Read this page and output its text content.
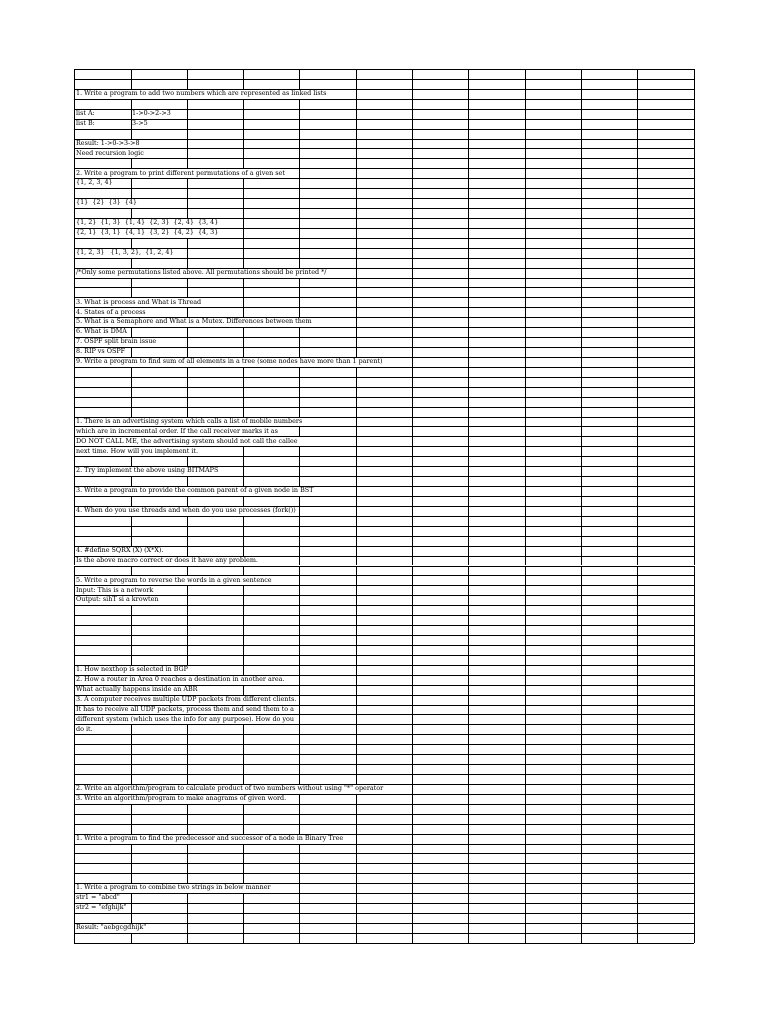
1. Write a program to add two numbers which are represented as linked lists
list A:	1->0->2->3
list B:	3->5
Result: 1->0->3->8
Need recursion logic
2. Write a program to print different permutations of a given set
{1, 2, 3, 4}
{1}  {2}  {3}  {4}
{1, 2}  {1, 3}  {1, 4}  {2, 3}  {2, 4}  {3, 4}
{2, 1}  {3, 1}  {4, 1}  {3, 2}  {4, 2}  {4, 3}
{1, 2, 3}   {1, 3, 2},  {1, 2, 4}
/*Only some permutations listed above. All permutations should be printed */
3. What is process and What is Thread
4. States of a process
5. What is a Semaphore and What is a Mutex. Differences between them
6. What is DMA
7. OSPF split brain issue
8. RIP vs OSPF
9. Write a program to find sum of all elements in a tree (some nodes have more than 1 parent)
1. There is an advertising system which calls a list of mobile numbers
which are in incremental order. If the call receiver marks it as
DO NOT CALL ME, the advertising system should not call the callee
next time. How will you implement it.
2. Try implement the above using BITMAPS
3. Write a program to provide the common parent of a given node in BST
4. When do you use threads and when do you use processes (fork())
4. #define SQRX (X) (X*X).
Is the above macro correct or does it have any problem.
5. Write a program to reverse the words in a given sentence
Input: This is a network
Output: sihT si a krowten
1. How nexthop is selected in BGP
2. How a router in Area 0 reaches a destination in another area.
What actually happens inside an ABR
3. A computer receives multiple UDP packets from different clients.
It has to receive all UDP packets, process them and send them to a
different system (which uses the info for any purpose). How do you
do it.
2. Write an algorithm/program to calculate product of two numbers without using "*" operator
3. Write an algorithm/program to make anagrams of given word.
1. Write a program to find the predecessor and successor of a node in Binary Tree
1. Write a program to combine two strings in below manner
str1 = "abcd"
str2 = "efghijk"
Result: "aebgcgdhijk"
